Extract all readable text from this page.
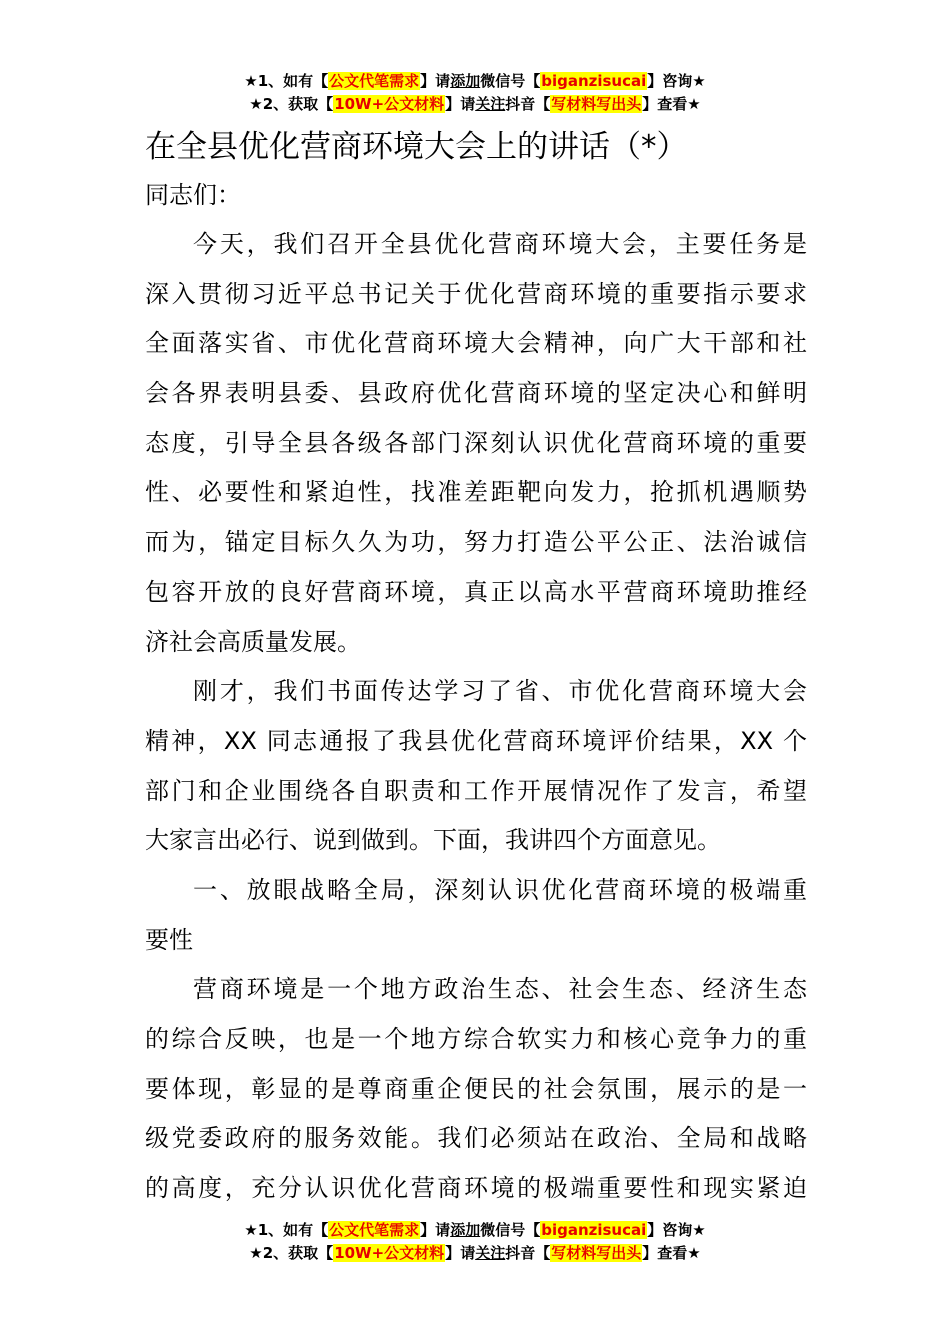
★1、如有【公文代笔需求】请添加微信号【biganzisucai】咨询★
★2、获取【10W+公文材料】请关注抖音【写材料写出头】查看★
在全县优化营商环境大会上的讲话（*）

同志们：

今天，我们召开全县优化营商环境大会，主要任务是
深入贯彻习近平总书记关于优化营商环境的重要指示要求
全面落实省、市优化营商环境大会精神，向广大干部和社
会各界表明县委、县政府优化营商环境的坚定决心和鲜明
态度，引导全县各级各部门深刻认识优化营商环境的重要
性、必要性和紧迫性，找准差距靶向发力，抢抓机遇顺势
而为，锚定目标久久为功，努力打造公平公正、法治诚信
包容开放的良好营商环境，真正以高水平营商环境助推经
济社会高质量发展。
刚才，我们书面传达学习了省、市优化营商环境大会
精神，XX 同志通报了我县优化营商环境评价结果，XX 个
部门和企业围绕各自职责和工作开展情况作了发言，希望
大家言出必行、说到做到。下面，我讲四个方面意见。
一、放眼战略全局，深刻认识优化营商环境的极端重
要性
营商环境是一个地方政治生态、社会生态、经济生态
的综合反映，也是一个地方综合软实力和核心竞争力的重
要体现，彰显的是尊商重企便民的社会氛围，展示的是一
级党委政府的服务效能。我们必须站在政治、全局和战略
的高度，充分认识优化营商环境的极端重要性和现实紧迫
★1、如有【公文代笔需求】请添加微信号【biganzisucai】咨询★
★2、获取【10W+公文材料】请关注抖音【写材料写出头】查看★
